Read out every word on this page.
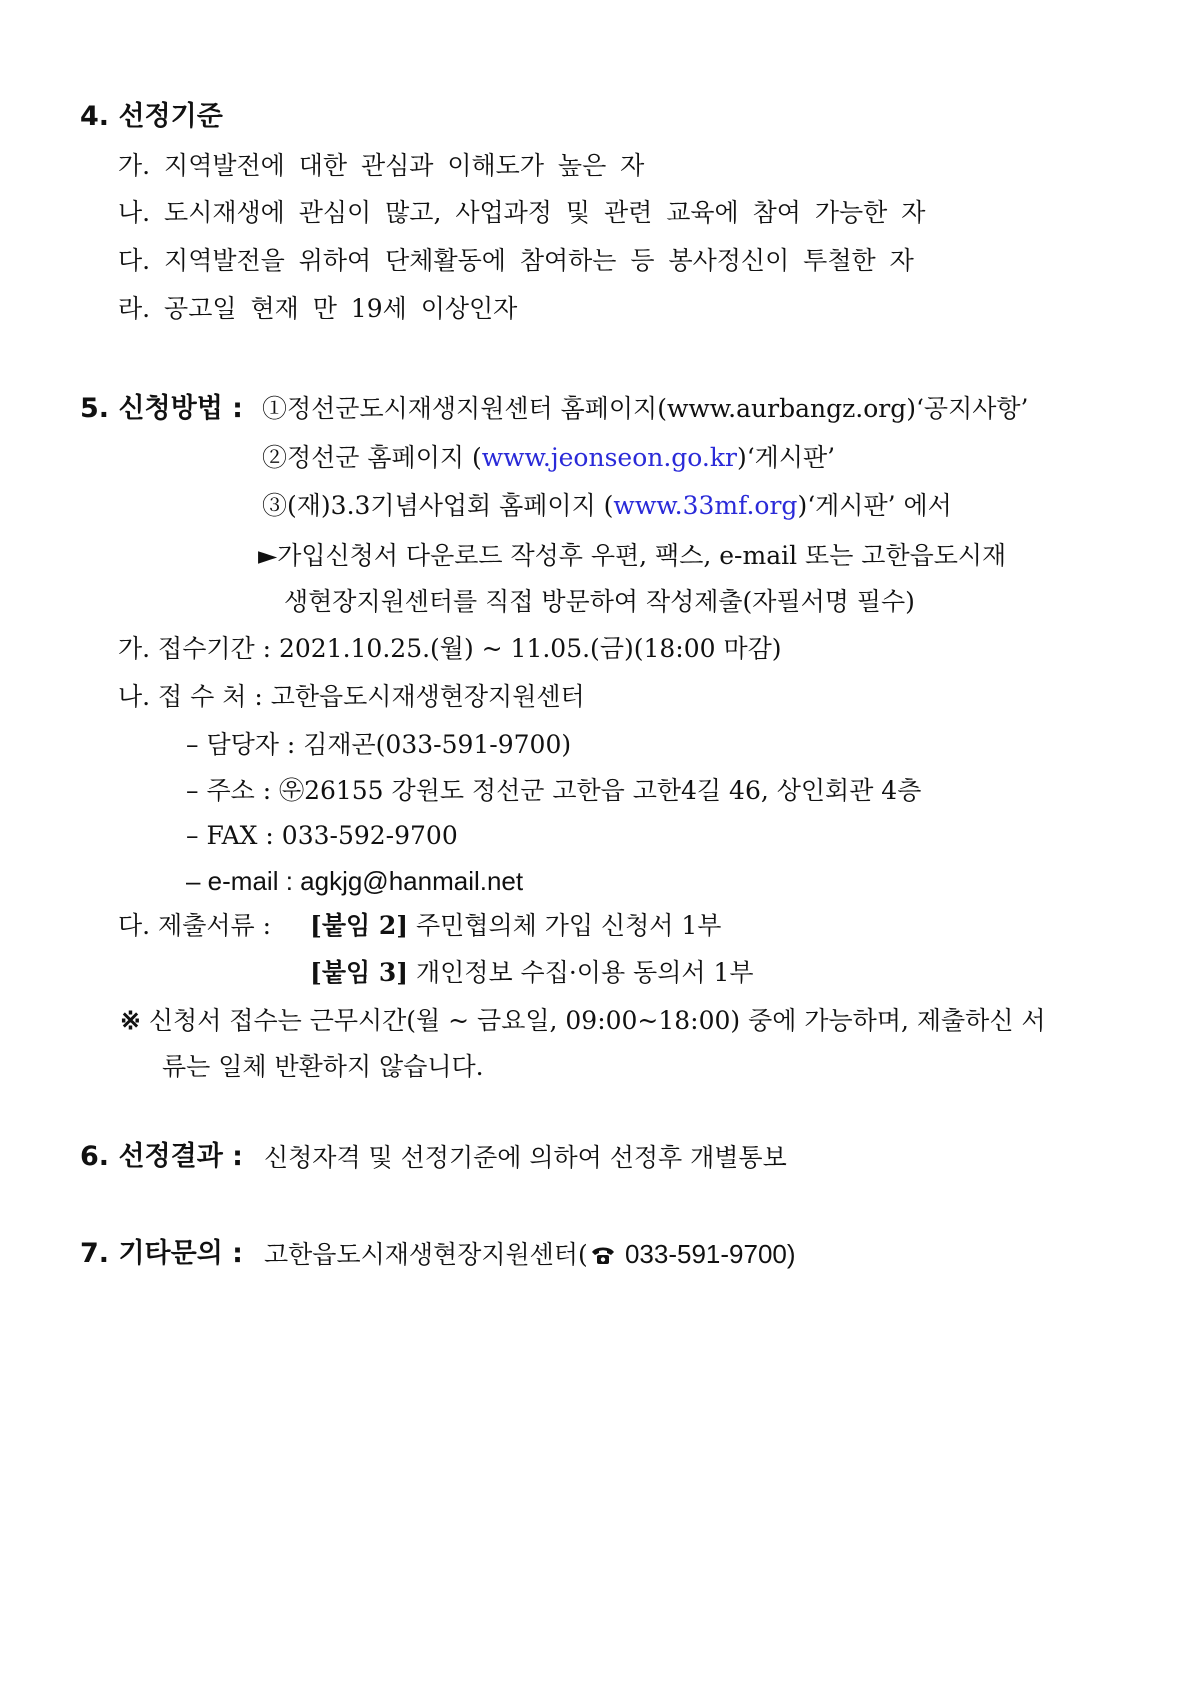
4. 선정기준
가. 지역발전에 대한 관심과 이해도가 높은 자
나. 도시재생에 관심이 많고, 사업과정 및 관련 교육에 참여 가능한 자
다. 지역발전을 위하여 단체활동에 참여하는 등 봉사정신이 투철한 자
라. 공고일 현재 만 19세 이상인자
5. 신청방법 : ①정선군도시재생지원센터 홈페이지(www.aurbangz.org)‘공지사항’
②정선군 홈페이지 (www.jeonseon.go.kr)‘게시판’
③(재)3.3기념사업회 홈페이지 (www.33mf.org)‘게시판’ 에서
►가입신청서 다운로드 작성후 우편, 팩스, e-mail 또는 고한읍도시재
생현장지원센터를 직접 방문하여 작성제출(자필서명 필수)
가. 접수기간 : 2021.10.25.(월) ~ 11.05.(금)(18:00 마감)
나. 접 수 처 : 고한읍도시재생현장지원센터
– 담당자 : 김재곤(033-591-9700)
– 주소 : ㉾26155 강원도 정선군 고한읍 고한4길 46, 상인회관 4층
– FAX : 033-592-9700
– e-mail : agkjg@hanmail.net
다. 제출서류 : [붙임 2] 주민협의체 가입 신청서 1부
[붙임 3] 개인정보 수집·이용 동의서 1부
※ 신청서 접수는 근무시간(월 ~ 금요일, 09:00~18:00) 중에 가능하며, 제출하신 서
류는 일체 반환하지 않습니다.
6. 선정결과 : 신청자격 및 선정기준에 의하여 선정후 개별통보
7. 기타문의 : 고한읍도시재생현장지원센터( 033-591-9700)
